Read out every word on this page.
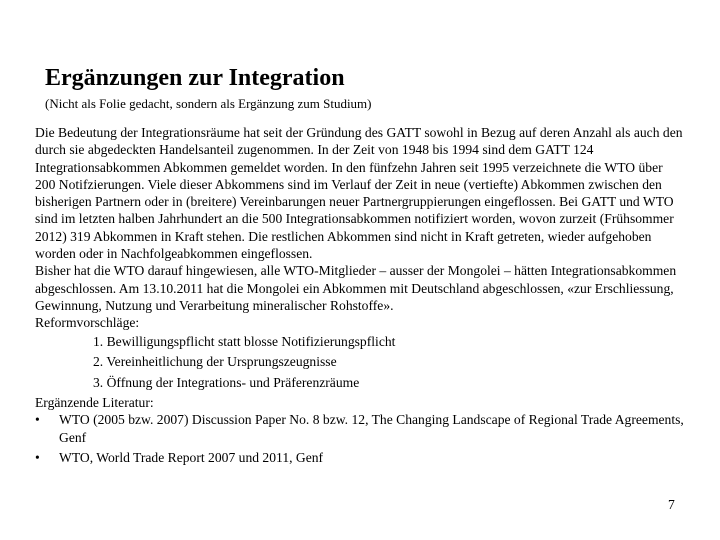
Ergänzungen zur Integration
(Nicht als Folie gedacht, sondern als Ergänzung zum Studium)

Die Bedeutung der Integrationsräume hat seit der Gründung des GATT sowohl in Bezug auf deren Anzahl als auch den durch sie abgedeckten Handelsanteil zugenommen. In der Zeit von 1948 bis 1994 sind dem GATT 124 Integrationsabkommen Abkommen gemeldet worden. In den fünfzehn Jahren seit 1995 verzeichnete die WTO über 200 Notifzierungen. Viele dieser Abkommens sind im Verlauf der Zeit in neue (vertiefte) Abkommen zwischen den bisherigen Partnern oder in (breitere) Vereinbarungen neuer Partnergruppierungen eingeflossen. Bei GATT und WTO sind im letzten halben Jahrhundert an die 500 Integrationsabkommen notifiziert worden, wovon zurzeit (Frühsommer 2012) 319 Abkommen in Kraft stehen. Die restlichen Abkommen sind nicht in Kraft getreten, wieder aufgehoben worden oder in Nachfolgeabkommen eingeflossen.

Bisher hat die WTO darauf hingewiesen, alle WTO-Mitglieder – ausser der Mongolei – hätten Integrationsabkommen abgeschlossen. Am 13.10.2011 hat die Mongolei ein Abkommen mit Deutschland abgeschlossen, «zur Erschliessung, Gewinnung, Nutzung und Verarbeitung mineralischer Rohstoffe».

Reformvorschläge:

1. Bewilligungspflicht statt blosse Notifizierungspflicht
2. Vereinheitlichung der Ursprungszeugnisse
3. Öffnung der Integrations- und Präferenzräume

Ergänzende Literatur:

•	WTO (2005 bzw. 2007) Discussion Paper No. 8 bzw. 12, The Changing Landscape of Regional Trade Agreements, Genf
•	WTO, World Trade Report 2007 und 2011, Genf
7
